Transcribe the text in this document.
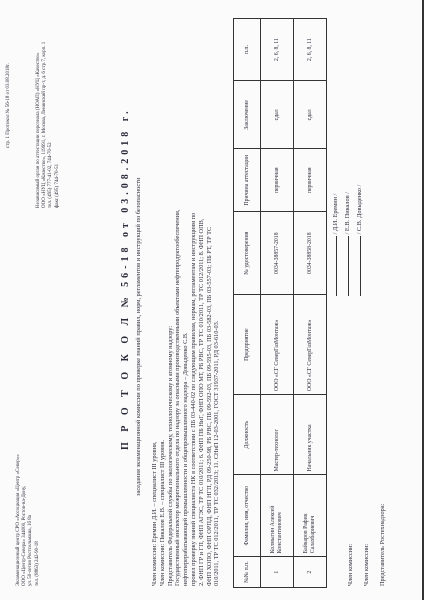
Экзаменационный центр СРО «Ассоциация «Центр «Север»» ООО «Центр-Севера» 344000, Ростов-на-Дону, ул. 50-летия Ростсельмаша, 1б 8а тел. (8863) 242-90-18
стр. 1 Протокол № 56-18 от 03.08.2018г.	Независимый орган по аттестации персонала (НОАП) «НУЦ «Качество» ООО «НУЦ «Качество», 119991, г. Москва, Ленинский пр-т, д. 6 стр.7, корп. 1 тел. (495) 777-41-02, 744-70-52 факс (495) 744-70-51	П Р О Т О К О Л № 56-18 от 03.08.2018 г. заседания экзаменационной комиссии по проверке знаний правил, норм, регламентов и инструкций по безопасности
Член комиссии: Еремин Д.И. – специалист III уровня, Член комиссии: Пикалов Е.В. – специалист III уровня. Представитель Федеральной службы по экологическому, технологическому и атомному надзору: Государственный инспектор межрегионального отдела по надзору за опасными производственными объектами нефтепродуктообеспечения, нефтеперерабатывающей промышленности и общепромышленного надзора – Довыденко С.В. провел проверку знаний специалиста НК в соответствии с ПБ 03-440-02 по следующим правилам, нормам, регламентам и инструкциям по 2. ФНП ГР и ГП, ФНП АГЭС, ТР ТС 010/2011; 6. ФНП ПБ НиГ, ФНП ОПО МТ, РБ РВС, ТР ТС 010/2011, ТР ТС 012/2011; 8. ФНП ОПВ, ФНП ХОПО, ФНП ОРПД, ФНП НГП, РД 09-250-98, РБ РВС, ПБ 09-592-03, ПБ 09-595-03, ПБ 03-582-03, ПБ 03-557-03; ПБ РТ, ТР ТС 010/2011, ТР ТС 012/2011, ТР ТС 032/2013; 11. СНиП 12-03-2001, ГОСТ 31937-2011, РД 03-610-03.	№№ п.п.	Фамилия, имя, отчество	Должность	Предприятие	№ удостоверения	Причина аттестации	Заключение	п.п.
1	Колмыгин Алексей Константинович	Мастер-технолог	ООО «СГ СеверГазМонтаж»	0034-38857-2018	первичная	сдал	2, 6, 8, 11
2	Байкаров Рафик Салахбариевич	Начальник участка	ООО «СГ СеверГазМонтаж»	0034-38858-2018	первичная	сдал	2, 6, 8, 11
Член комиссии:	Член комиссии:	Представитель Ростехнадзора:
/ Д.И. Еремин / / Е.В. Пикалов / / С.В. Довыденко /
